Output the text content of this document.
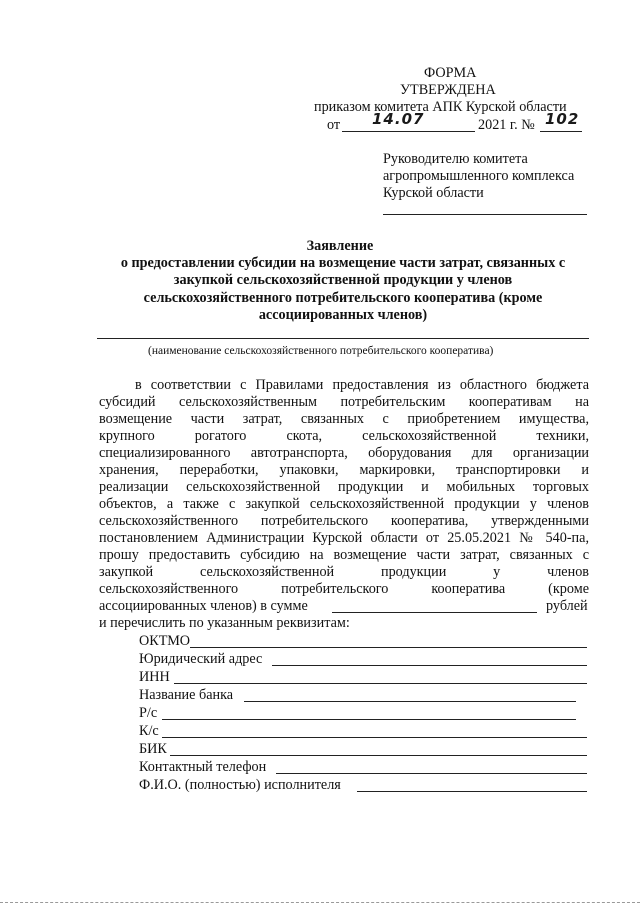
ФОРМА
УТВЕРЖДЕНА
приказом комитета АПК Курской области
от 14.07	2021 г. № 102
Руководителю комитета
агропромышленного комплекса
Курской области
Заявление
о предоставлении субсидии на возмещение части затрат, связанных с
закупкой сельскохозяйственной продукции у членов
сельскохозяйственного потребительского кооператива (кроме
ассоциированных членов)
(наименование сельскохозяйственного потребительского кооператива)
в соответствии с Правилами предоставления из областного бюджета
субсидий сельскохозяйственным потребительским кооперативам на
возмещение части затрат, связанных с приобретением имущества,
крупного рогатого скота, сельскохозяйственной техники,
специализированного автотранспорта, оборудования для организации
хранения, переработки, упаковки, маркировки, транспортировки и
реализации сельскохозяйственной продукции и мобильных торговых
объектов, а также с закупкой сельскохозяйственной продукции у членов
сельскохозяйственного потребительского кооператива, утвержденными
постановлением Администрации Курской области от 25.05.2021 № 540-па,
прошу предоставить субсидию на возмещение части затрат, связанных с
закупкой сельскохозяйственной продукции у членов
сельскохозяйственного потребительского кооператива (кроме
ассоциированных членов) в сумме	рублей
и перечислить по указанным реквизитам:
ОКТМО
Юридический адрес
ИНН
Название банка
Р/с
К/с
БИК
Контактный телефон
Ф.И.О. (полностью) исполнителя
